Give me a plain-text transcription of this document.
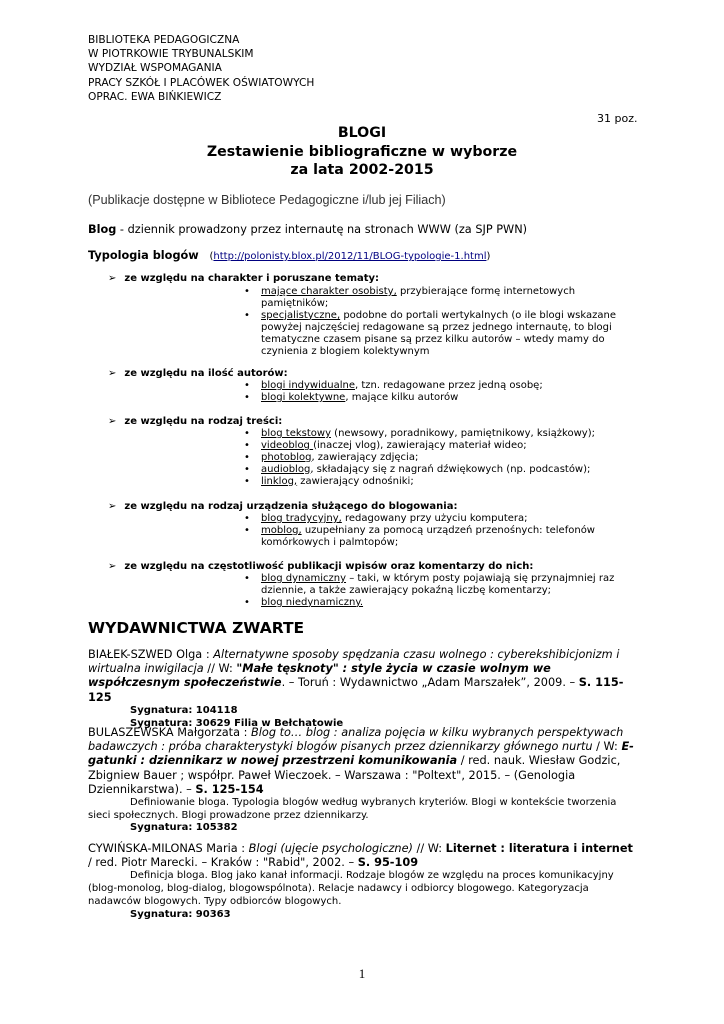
BIBLIOTEKA PEDAGOGICZNA
W PIOTRKOWIE TRYBUNALSKIM
WYDZIAŁ WSPOMAGANIA
PRACY SZKÓŁ I PLACÓWEK OŚWIATOWYCH
OPRAC. EWA BIŃKIEWICZ
31 poz.
BLOGI
Zestawienie bibliograficzne w wyborze
za lata 2002-2015
(Publikacje dostępne w Bibliotece Pedagogiczne i/lub jej Filiach)
Blog - dziennik prowadzony przez internautę na stronach WWW (za SJP PWN)
Typologia blogów (http://polonisty.blox.pl/2012/11/BLOG-typologie-1.html)
➢ ze względu na charakter i poruszane tematy:
• mające charakter osobisty, przybierające formę internetowych pamiętników;
• specjalistyczne, podobne do portali wertykalnych (o ile blogi wskazane powyżej najczęściej redagowane są przez jednego internautę, to blogi tematyczne czasem pisane są przez kilku autorów – wtedy mamy do czynienia z blogiem kolektywnym
➢ ze względu na ilość autorów:
• blogi indywidualne, tzn. redagowane przez jedną osobę;
• blogi kolektywne, mające kilku autorów
➢ ze względu na rodzaj treści:
• blog tekstowy (newsowy, poradnikowy, pamiętnikowy, książkowy);
• videoblog (inaczej vlog), zawierający materiał wideo;
• photoblog, zawierający zdjęcia;
• audioblog, składający się z nagrań dźwiękowych (np. podcastów);
• linklog, zawierający odnośniki;
➢ ze względu na rodzaj urządzenia służącego do blogowania:
• blog tradycyjny, redagowany przy użyciu komputera;
• moblog, uzupełniany za pomocą urządzeń przenośnych: telefonów komórkowych i palmtopów;
➢ ze względu na częstotliwość publikacji wpisów oraz komentarzy do nich:
• blog dynamiczny – taki, w którym posty pojawiają się przynajmniej raz dziennie, a także zawierający pokaźną liczbę komentarzy;
• blog niedynamiczny.
WYDAWNICTWA ZWARTE
BIAŁEK-SZWED Olga : Alternatywne sposoby spędzania czasu wolnego : cyberekshibicjonizm i wirtualna inwigilacja // W: "Małe tęsknoty" : style życia w czasie wolnym we współczesnym społeczeństwie. – Toruń : Wydawnictwo „Adam Marszałek”, 2009. – S. 115-125
Sygnatura: 104118
Sygnatura: 30629 Filia w Bełchatowie
BULASZEWSKA Małgorzata : Blog to… blog : analiza pojęcia w kilku wybranych perspektywach badawczych : próba charakterystyki blogów pisanych przez dziennikarzy głównego nurtu / W: E-gatunki : dziennikarz w nowej przestrzeni komunikowania / red. nauk. Wiesław Godzic, Zbigniew Bauer ; współpr. Paweł Wieczoek. – Warszawa : "Poltext", 2015. – (Genologia Dziennikarstwa). – S. 125-154
Definiowanie bloga. Typologia blogów według wybranych kryteriów. Blogi w kontekście tworzenia sieci społecznych. Blogi prowadzone przez dziennikarzy.
Sygnatura: 105382
CYWIŃSKA-MILONAS Maria : Blogi (ujęcie psychologiczne) // W: Liternet : literatura i internet / red. Piotr Marecki. – Kraków : "Rabid", 2002. – S. 95-109
Definicja bloga. Blog jako kanał informacji. Rodzaje blogów ze względu na proces komunikacyjny (blog-monolog, blog-dialog, blogowspólnota). Relacje nadawcy i odbiorcy blogowego. Kategoryzacja nadawców blogowych. Typy odbiorców blogowych.
Sygnatura: 90363
1
